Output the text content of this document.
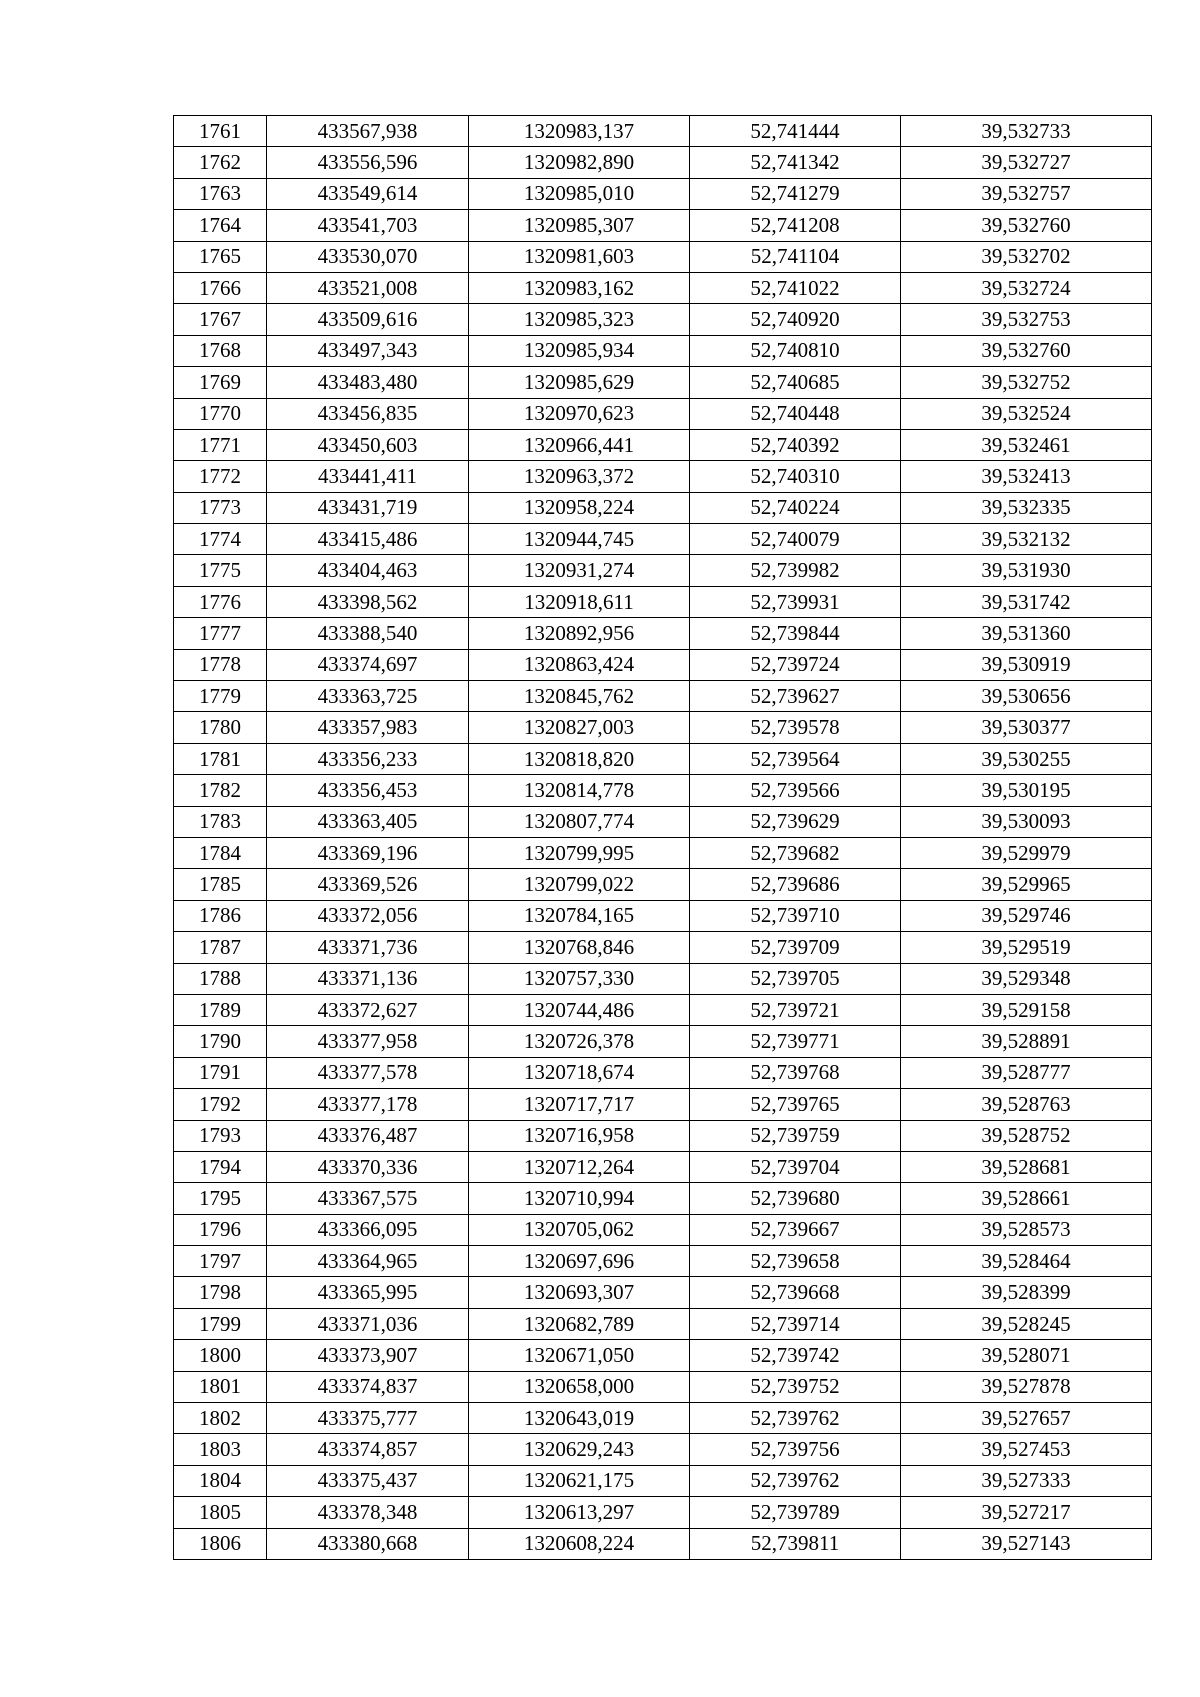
1761	433567,938	1320983,137	52,741444	39,532733
1762	433556,596	1320982,890	52,741342	39,532727
1763	433549,614	1320985,010	52,741279	39,532757
1764	433541,703	1320985,307	52,741208	39,532760
1765	433530,070	1320981,603	52,741104	39,532702
1766	433521,008	1320983,162	52,741022	39,532724
1767	433509,616	1320985,323	52,740920	39,532753
1768	433497,343	1320985,934	52,740810	39,532760
1769	433483,480	1320985,629	52,740685	39,532752
1770	433456,835	1320970,623	52,740448	39,532524
1771	433450,603	1320966,441	52,740392	39,532461
1772	433441,411	1320963,372	52,740310	39,532413
1773	433431,719	1320958,224	52,740224	39,532335
1774	433415,486	1320944,745	52,740079	39,532132
1775	433404,463	1320931,274	52,739982	39,531930
1776	433398,562	1320918,611	52,739931	39,531742
1777	433388,540	1320892,956	52,739844	39,531360
1778	433374,697	1320863,424	52,739724	39,530919
1779	433363,725	1320845,762	52,739627	39,530656
1780	433357,983	1320827,003	52,739578	39,530377
1781	433356,233	1320818,820	52,739564	39,530255
1782	433356,453	1320814,778	52,739566	39,530195
1783	433363,405	1320807,774	52,739629	39,530093
1784	433369,196	1320799,995	52,739682	39,529979
1785	433369,526	1320799,022	52,739686	39,529965
1786	433372,056	1320784,165	52,739710	39,529746
1787	433371,736	1320768,846	52,739709	39,529519
1788	433371,136	1320757,330	52,739705	39,529348
1789	433372,627	1320744,486	52,739721	39,529158
1790	433377,958	1320726,378	52,739771	39,528891
1791	433377,578	1320718,674	52,739768	39,528777
1792	433377,178	1320717,717	52,739765	39,528763
1793	433376,487	1320716,958	52,739759	39,528752
1794	433370,336	1320712,264	52,739704	39,528681
1795	433367,575	1320710,994	52,739680	39,528661
1796	433366,095	1320705,062	52,739667	39,528573
1797	433364,965	1320697,696	52,739658	39,528464
1798	433365,995	1320693,307	52,739668	39,528399
1799	433371,036	1320682,789	52,739714	39,528245
1800	433373,907	1320671,050	52,739742	39,528071
1801	433374,837	1320658,000	52,739752	39,527878
1802	433375,777	1320643,019	52,739762	39,527657
1803	433374,857	1320629,243	52,739756	39,527453
1804	433375,437	1320621,175	52,739762	39,527333
1805	433378,348	1320613,297	52,739789	39,527217
1806	433380,668	1320608,224	52,739811	39,527143
